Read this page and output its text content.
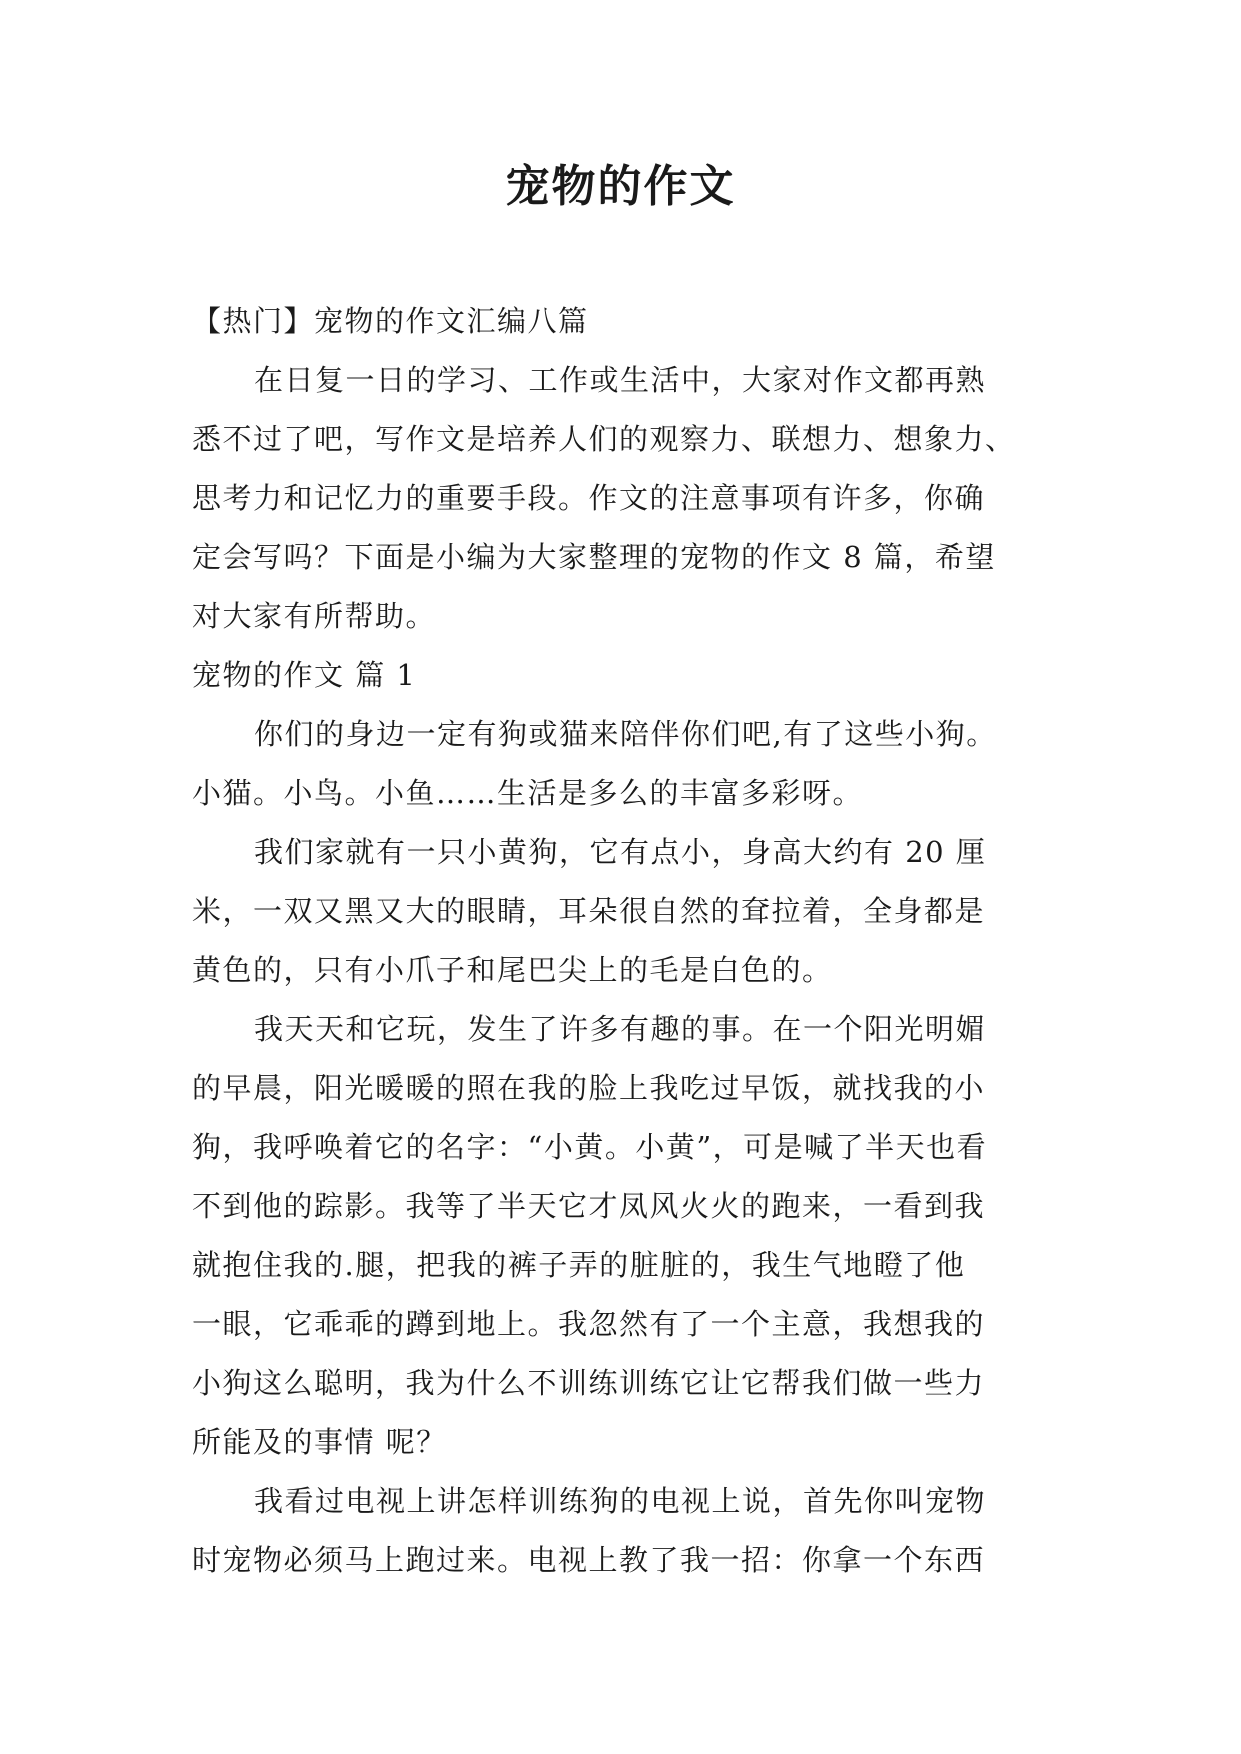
宠物的作文

【热门】宠物的作文汇编八篇

在日复一日的学习、工作或生活中，大家对作文都再熟

悉不过了吧，写作文是培养人们的观察力、联想力、想象力、

思考力和记忆力的重要手段。作文的注意事项有许多，你确

定会写吗？下面是小编为大家整理的宠物的作文 8 篇，希望

对大家有所帮助。

宠物的作文 篇 1

你们的身边一定有狗或猫来陪伴你们吧,有了这些小狗。

小猫。小鸟。小鱼……生活是多么的丰富多彩呀。

我们家就有一只小黄狗，它有点小，身高大约有 20 厘

米，一双又黑又大的眼睛，耳朵很自然的耷拉着，全身都是

黄色的，只有小爪子和尾巴尖上的毛是白色的。

我天天和它玩，发生了许多有趣的事。在一个阳光明媚

的早晨，阳光暖暖的照在我的脸上我吃过早饭，就找我的小

狗，我呼唤着它的名字：“小黄。小黄”，可是喊了半天也看

不到他的踪影。我等了半天它才凤风火火的跑来，一看到我

就抱住我的.腿，把我的裤子弄的脏脏的，我生气地瞪了他

一眼，它乖乖的蹲到地上。我忽然有了一个主意，我想我的

小狗这么聪明，我为什么不训练训练它让它帮我们做一些力

所能及的事情 呢？

我看过电视上讲怎样训练狗的电视上说，首先你叫宠物

时宠物必须马上跑过来。电视上教了我一招：你拿一个东西
